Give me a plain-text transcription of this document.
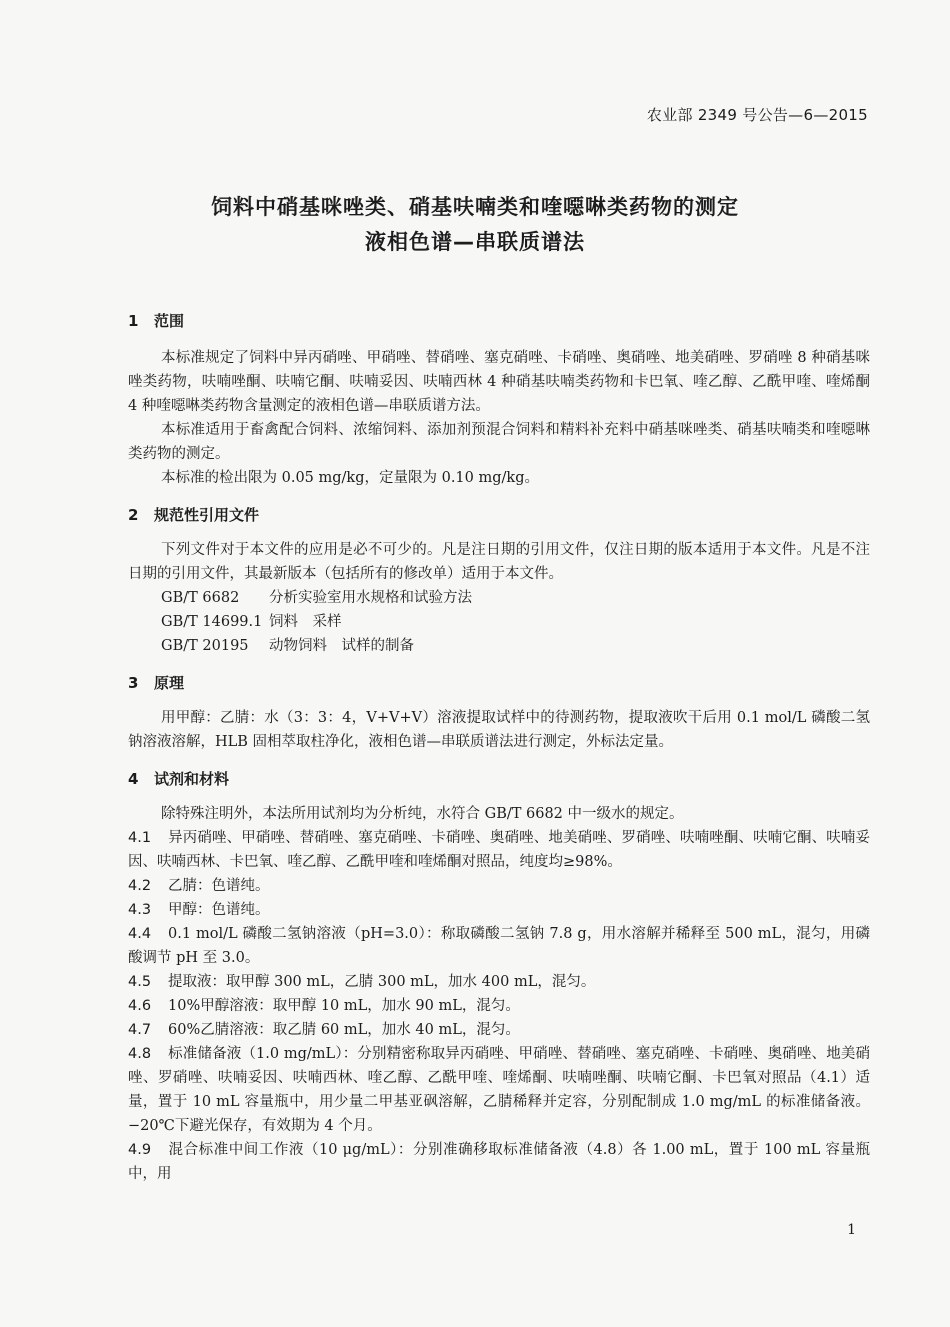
农业部 2349 号公告—6—2015
饲料中硝基咪唑类、硝基呋喃类和喹噁啉类药物的测定
液相色谱—串联质谱法
1 范围

本标准规定了饲料中异丙硝唑、甲硝唑、替硝唑、塞克硝唑、卡硝唑、奥硝唑、地美硝唑、罗硝唑 8 种硝基咪唑类药物，呋喃唑酮、呋喃它酮、呋喃妥因、呋喃西林 4 种硝基呋喃类药物和卡巴氧、喹乙醇、乙酰甲喹、喹烯酮 4 种喹噁啉类药物含量测定的液相色谱—串联质谱方法。

本标准适用于畜禽配合饲料、浓缩饲料、添加剂预混合饲料和精料补充料中硝基咪唑类、硝基呋喃类和喹噁啉类药物的测定。

本标准的检出限为 0.05 mg/kg，定量限为 0.10 mg/kg。

2 规范性引用文件

下列文件对于本文件的应用是必不可少的。凡是注日期的引用文件，仅注日期的版本适用于本文件。凡是不注日期的引用文件，其最新版本（包括所有的修改单）适用于本文件。

GB/T 6682 分析实验室用水规格和试验方法
GB/T 14699.1 饲料　采样
GB/T 20195 动物饲料　试样的制备
3 原理

用甲醇：乙腈：水（3：3：4，V+V+V）溶液提取试样中的待测药物，提取液吹干后用 0.1 mol/L 磷酸二氢钠溶液溶解，HLB 固相萃取柱净化，液相色谱—串联质谱法进行测定，外标法定量。

4 试剂和材料

除特殊注明外，本法所用试剂均为分析纯，水符合 GB/T 6682 中一级水的规定。

4.1 异丙硝唑、甲硝唑、替硝唑、塞克硝唑、卡硝唑、奥硝唑、地美硝唑、罗硝唑、呋喃唑酮、呋喃它酮、呋喃妥因、呋喃西林、卡巴氧、喹乙醇、乙酰甲喹和喹烯酮对照品，纯度均≥98%。

4.2 乙腈：色谱纯。

4.3 甲醇：色谱纯。

4.4 0.1 mol/L 磷酸二氢钠溶液（pH=3.0）：称取磷酸二氢钠 7.8 g，用水溶解并稀释至 500 mL，混匀，用磷酸调节 pH 至 3.0。

4.5 提取液：取甲醇 300 mL，乙腈 300 mL，加水 400 mL，混匀。

4.6 10%甲醇溶液：取甲醇 10 mL，加水 90 mL，混匀。

4.7 60%乙腈溶液：取乙腈 60 mL，加水 40 mL，混匀。

4.8 标准储备液（1.0 mg/mL）：分别精密称取异丙硝唑、甲硝唑、替硝唑、塞克硝唑、卡硝唑、奥硝唑、地美硝唑、罗硝唑、呋喃妥因、呋喃西林、喹乙醇、乙酰甲喹、喹烯酮、呋喃唑酮、呋喃它酮、卡巴氧对照品（4.1）适量，置于 10 mL 容量瓶中，用少量二甲基亚砜溶解，乙腈稀释并定容，分别配制成 1.0 mg/mL 的标准储备液。−20℃下避光保存，有效期为 4 个月。

4.9 混合标准中间工作液（10 μg/mL）：分别准确移取标准储备液（4.8）各 1.00 mL，置于 100 mL 容量瓶中，用

1
